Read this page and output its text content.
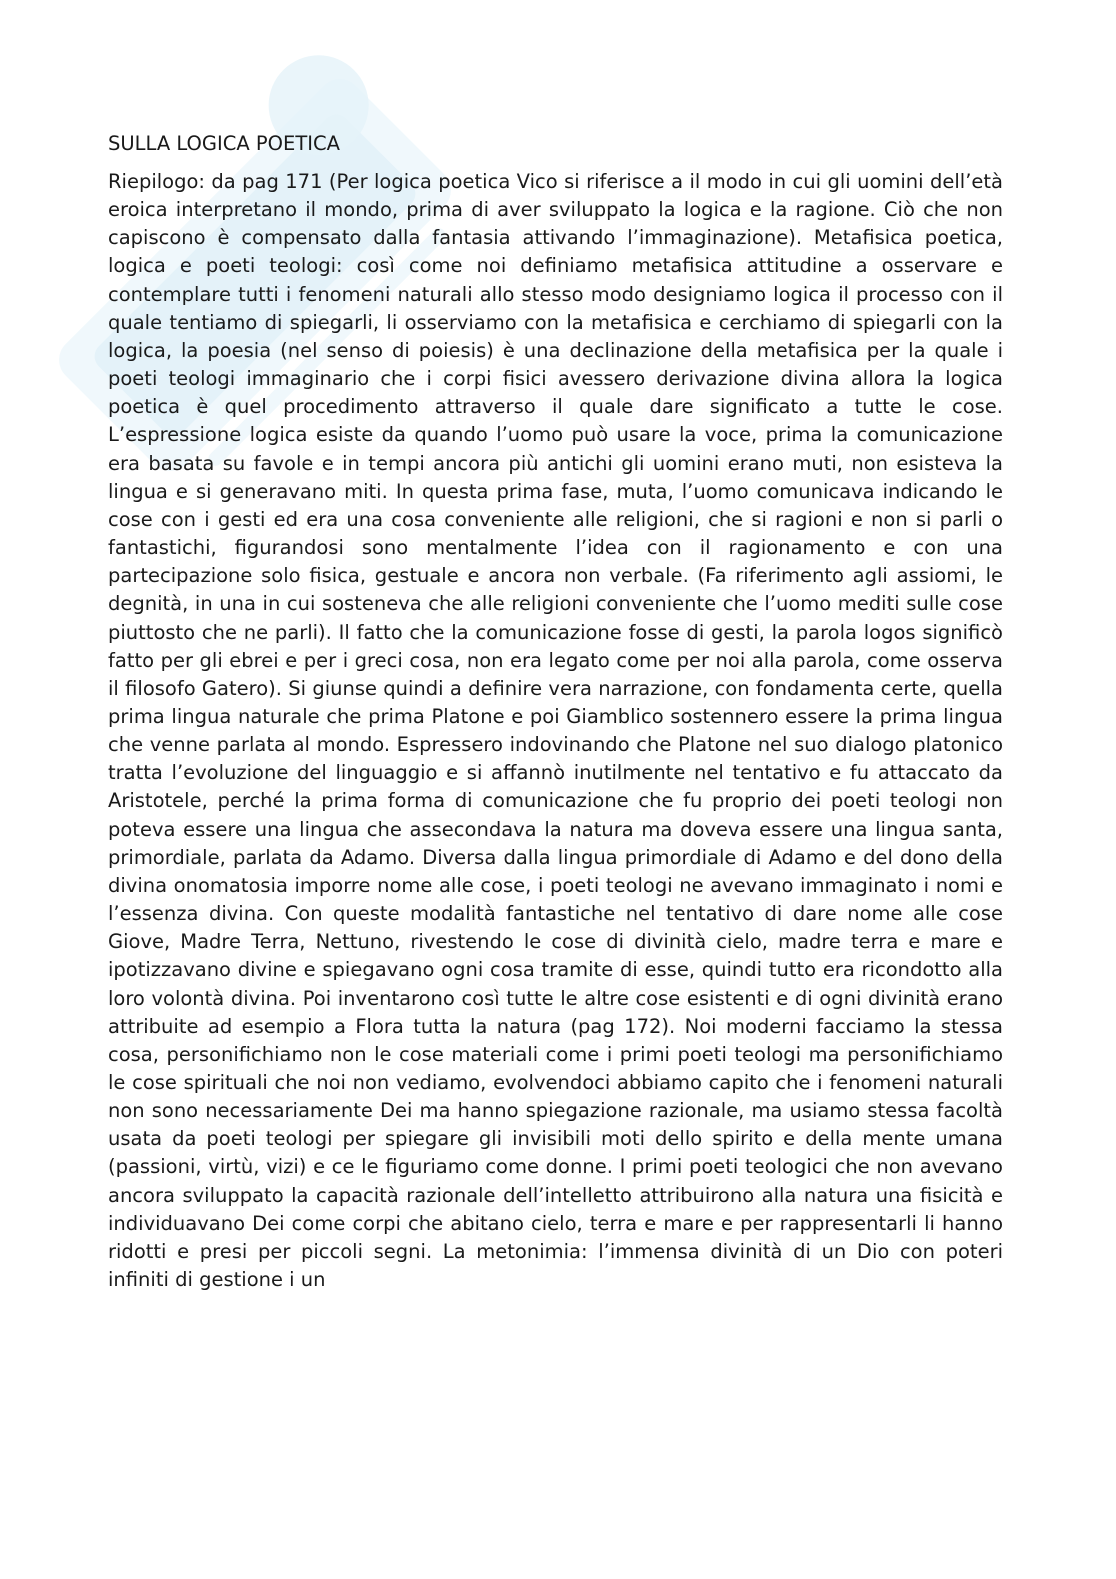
SULLA LOGICA POETICA

Riepilogo: da pag 171 (Per logica poetica Vico si riferisce a il modo in cui gli uomini dell’età eroica interpretano il mondo, prima di aver sviluppato la logica e la ragione. Ciò che non capiscono è compensato dalla fantasia attivando l’immaginazione). Metafisica poetica, logica e poeti teologi: così come noi definiamo metafisica attitudine a osservare e contemplare tutti i fenomeni naturali allo stesso modo designiamo logica il processo con il quale tentiamo di spiegarli, li osserviamo con la metafisica e cerchiamo di spiegarli con la logica, la poesia (nel senso di poiesis) è una declinazione della metafisica per la quale i poeti teologi immaginario che i corpi fisici avessero derivazione divina allora la logica poetica è quel procedimento attraverso il quale dare significato a tutte le cose. L’espressione logica esiste da quando l’uomo può usare la voce, prima la comunicazione era basata su favole e in tempi ancora più antichi gli uomini erano muti, non esisteva la lingua e si generavano miti. In questa prima fase, muta, l’uomo comunicava indicando le cose con i gesti ed era una cosa conveniente alle religioni, che si ragioni e non si parli o fantastichi, figurandosi sono mentalmente l’idea con il ragionamento e con una partecipazione solo fisica, gestuale e ancora non verbale. (Fa riferimento agli assiomi, le degnità, in una in cui sosteneva che alle religioni conveniente che l’uomo mediti sulle cose piuttosto che ne parli). Il fatto che la comunicazione fosse di gesti, la parola logos significò fatto per gli ebrei e per i greci cosa, non era legato come per noi alla parola, come osserva il filosofo Gatero). Si giunse quindi a definire vera narrazione, con fondamenta certe, quella prima lingua naturale che prima Platone e poi Giamblico sostennero essere la prima lingua che venne parlata al mondo. Espressero indovinando che Platone nel suo dialogo platonico tratta l’evoluzione del linguaggio e si affannò inutilmente nel tentativo e fu attaccato da Aristotele, perché la prima forma di comunicazione che fu proprio dei poeti teologi non poteva essere una lingua che assecondava la natura ma doveva essere una lingua santa, primordiale, parlata da Adamo. Diversa dalla lingua primordiale di Adamo e del dono della divina onomatosia imporre nome alle cose, i poeti teologi ne avevano immaginato i nomi e l’essenza divina. Con queste modalità fantastiche nel tentativo di dare nome alle cose Giove, Madre Terra, Nettuno, rivestendo le cose di divinità cielo, madre terra e mare e ipotizzavano divine e spiegavano ogni cosa tramite di esse, quindi tutto era ricondotto alla loro volontà divina. Poi inventarono così tutte le altre cose esistenti e di ogni divinità erano attribuite ad esempio a Flora tutta la natura (pag 172). Noi moderni facciamo la stessa cosa, personifichiamo non le cose materiali come i primi poeti teologi ma personifichiamo le cose spirituali che noi non vediamo, evolvendoci abbiamo capito che i fenomeni naturali non sono necessariamente Dei ma hanno spiegazione razionale, ma usiamo stessa facoltà usata da poeti teologi per spiegare gli invisibili moti dello spirito e della mente umana (passioni, virtù, vizi) e ce le figuriamo come donne. I primi poeti teologici che non avevano ancora sviluppato la capacità razionale dell’intelletto attribuirono alla natura una fisicità e individuavano Dei come corpi che abitano cielo, terra e mare e per rappresentarli li hanno ridotti e presi per piccoli segni. La metonimia: l’immensa divinità di un Dio con poteri infiniti di gestione i un
